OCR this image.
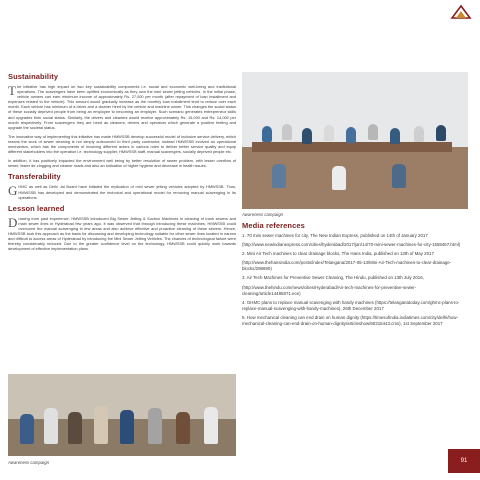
Sustainability

The initiative has high impact on two key sustainability components i.e. social and economic well-being and institutional operations. The scavengers have been uplifted economically as they own the mini sewer jetting vehicles. In the initial phase, vehicle owners can earn minimum income of approximately Rs. 27,000 per month (after repayment of loan installment and expenses related to the vehicle). This amount would gradually increase as the monthly loan installment tend to reduce over each month. Each vehicle has minimum of a driver and a cleaner hired by the vehicle and machine owner. This changes the social status of these socially deprived people from being an employee to becoming an employer. Such scenario generates entrepreneur skills and upgrades their social status. Similarly, the drivers and cleaners would receive approximately Rs. 15,000 and Rs. 14,000 per month respectively. From scavengers they are hired as cleaners, drivers and operators which generate a positive feeling and upgrade the societal status.

The innovative way of implementing this initiative has made HMWSSB develop successful model of inclusive service delivery, which means the work of sewer cleaning is not simply outsourced to third party contractor; instead HMWSSB evolved an operational mechanism, which has the components of involving different actors in various roles to deliver better service quality and equip different stakeholders into the operation i.e. technology supplier, HMWSSB staff, manual scavengers, socially deprived people etc.

In addition, it has positively impacted the environment well being by better resolution of sewer problem, with lesser overflow of sewer, faster de-clogging and cleaner roads and also an indication of higher hygiene and decrease in health issues.

Transferability

GHMC as well as Delhi Jal Board have initiated the replication of mini sewer jetting vehicles adopted by HMWSSB. Thus, HMWSSB has developed and demonstrated the technical and operational model for removing manual scavenging in its operations.

Lesson learned

Drawing from past experience, HMWSSB introduced Big Sewer Jetting & Suction Machines in cleaning of trunk sewers and main sewer lines in Hyderabad few years ago. It was observed that through introducing these machines, HMWSSB could overcome the manual scavenging in few areas and also achieve effective and proactive cleaning of these sewers. Hence, HMWSSB took this approach as the basis for discussing and developing technology suitable for other sewer lines located in narrow and difficult to access areas of Hyderabad by introducing the Mini Sewer Jetting Vehicles. The chances of technological failure were thereby considerably reduced. Due to the greater confidence level on the technology, HMWSSB could quickly work towards development of effective implementation plans.

Awareness campaign
Media references
1. 70 mini sewer machines for city, The New Indian Express, published on 14th of January 2017
(http://www.newindianexpress.com/cities/hyderabad/2017/jan/14/70-mini-sewer-machines-for-city-1559467.html)
2. Mini Air Tech machines to clear drainage blocks, The Hans India, published on 13th of May 2017
(http://www.thehansindia.com/posts/index/Telangana/2017-05-13/Mini-Air-Tech-machines-to-clear-drainage-blocks/298690)
3. Air Tech Machines for Preventive Sewer Cleaning, The Hindu, published on 13th July 2016,
(http://www.thehindu.com/news/cities/Hyderabad/Air-tech-machines-for-preventive-sewer-cleaning/article14485871.ece)
4. GHMC plans to replace manual scavenging with handy machines (https://telanganatoday.com/ghmc-plans-to-replace-manual-scavenging-with-handy-machines), 26th December 2017
5. How mechanical cleaning can end drain on human dignity (https://timesofindia.indiatimes.com/city/delhi/how-mechanical-cleaning-can-end-drain-on-human-dignity/articleshow/60315443.cms), 1st September 2017
Awareness campaign	91
